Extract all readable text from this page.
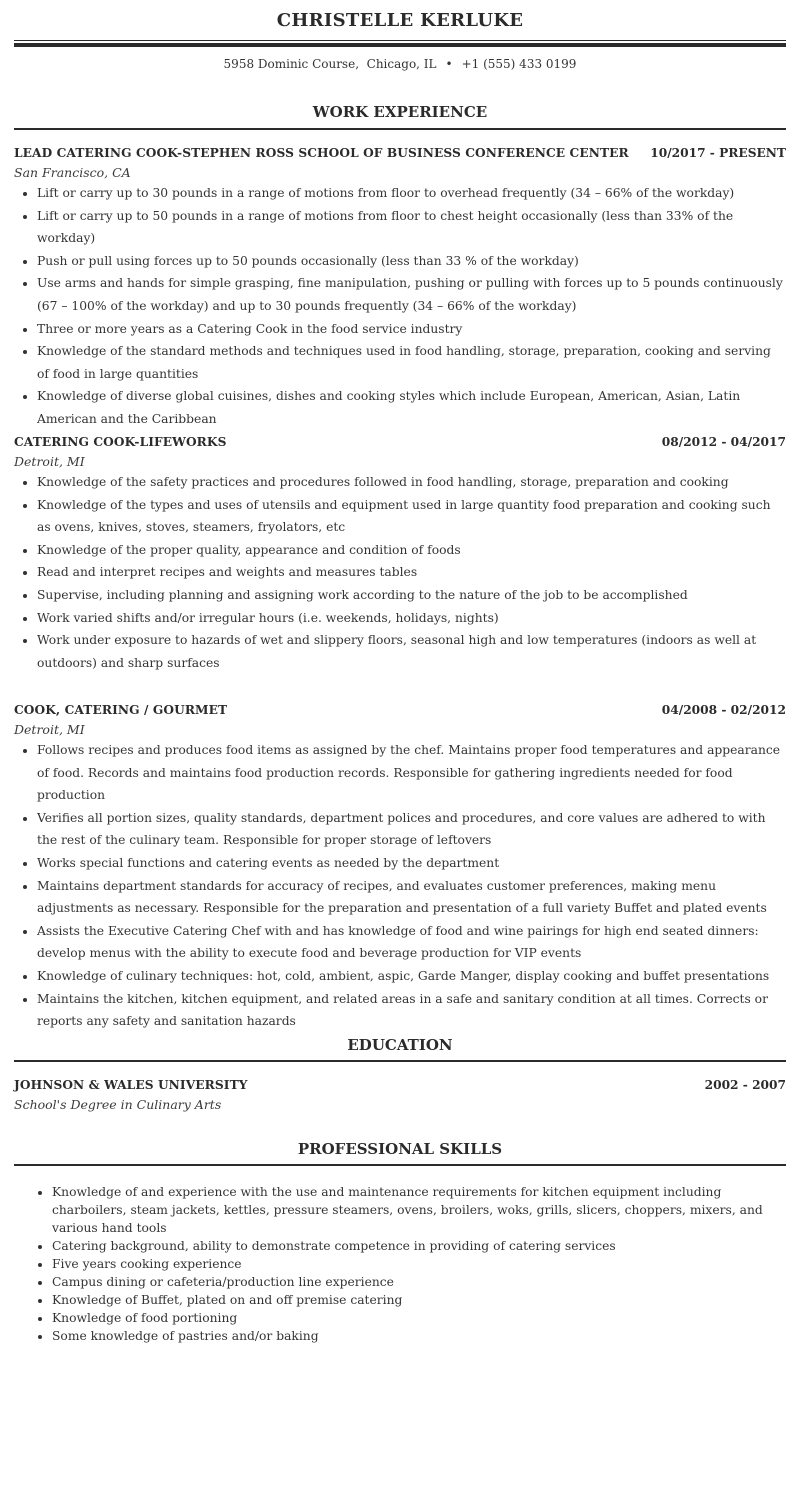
CHRISTELLE KERLUKE
5958 Dominic Course,  Chicago, IL • +1 (555) 433 0199
WORK EXPERIENCE
LEAD CATERING COOK-STEPHEN ROSS SCHOOL OF BUSINESS CONFERENCE CENTER 10/2017 - PRESENT
San Francisco, CA
• Lift or carry up to 30 pounds in a range of motions from floor to overhead frequently (34 – 66% of the workday)
• Lift or carry up to 50 pounds in a range of motions from floor to chest height occasionally (less than 33% of the workday)
• Push or pull using forces up to 50 pounds occasionally (less than 33 % of the workday)
• Use arms and hands for simple grasping, fine manipulation, pushing or pulling with forces up to 5 pounds continuously (67 – 100% of the workday) and up to 30 pounds frequently (34 – 66% of the workday)
• Three or more years as a Catering Cook in the food service industry
• Knowledge of the standard methods and techniques used in food handling, storage, preparation, cooking and serving of food in large quantities
• Knowledge of diverse global cuisines, dishes and cooking styles which include European, American, Asian, Latin American and the Caribbean
CATERING COOK-LIFEWORKS	08/2012 - 04/2017
Detroit, MI
• Knowledge of the safety practices and procedures followed in food handling, storage, preparation and cooking
• Knowledge of the types and uses of utensils and equipment used in large quantity food preparation and cooking such as ovens, knives, stoves, steamers, fryolators, etc
• Knowledge of the proper quality, appearance and condition of foods
• Read and interpret recipes and weights and measures tables
• Supervise, including planning and assigning work according to the nature of the job to be accomplished
• Work varied shifts and/or irregular hours (i.e. weekends, holidays, nights)
• Work under exposure to hazards of wet and slippery floors, seasonal high and low temperatures (indoors as well at outdoors) and sharp surfaces
COOK, CATERING / GOURMET	04/2008 - 02/2012
Detroit, MI
• Follows recipes and produces food items as assigned by the chef. Maintains proper food temperatures and appearance of food. Records and maintains food production records. Responsible for gathering ingredients needed for food production
• Verifies all portion sizes, quality standards, department polices and procedures, and core values are adhered to with the rest of the culinary team. Responsible for proper storage of leftovers
• Works special functions and catering events as needed by the department
• Maintains department standards for accuracy of recipes, and evaluates customer preferences, making menu adjustments as necessary. Responsible for the preparation and presentation of a full variety Buffet and plated events
• Assists the Executive Catering Chef with and has knowledge of food and wine pairings for high end seated dinners: develop menus with the ability to execute food and beverage production for VIP events
• Knowledge of culinary techniques: hot, cold, ambient, aspic, Garde Manger, display cooking and buffet presentations
• Maintains the kitchen, kitchen equipment, and related areas in a safe and sanitary condition at all times. Corrects or reports any safety and sanitation hazards
EDUCATION
JOHNSON & WALES UNIVERSITY	2002 - 2007
School's Degree in Culinary Arts
PROFESSIONAL SKILLS
• Knowledge of and experience with the use and maintenance requirements for kitchen equipment including charboilers, steam jackets, kettles, pressure steamers, ovens, broilers, woks, grills, slicers, choppers, mixers, and various hand tools
• Catering background, ability to demonstrate competence in providing of catering services
• Five years cooking experience
• Campus dining or cafeteria/production line experience
• Knowledge of Buffet, plated on and off premise catering
• Knowledge of food portioning
• Some knowledge of pastries and/or baking
